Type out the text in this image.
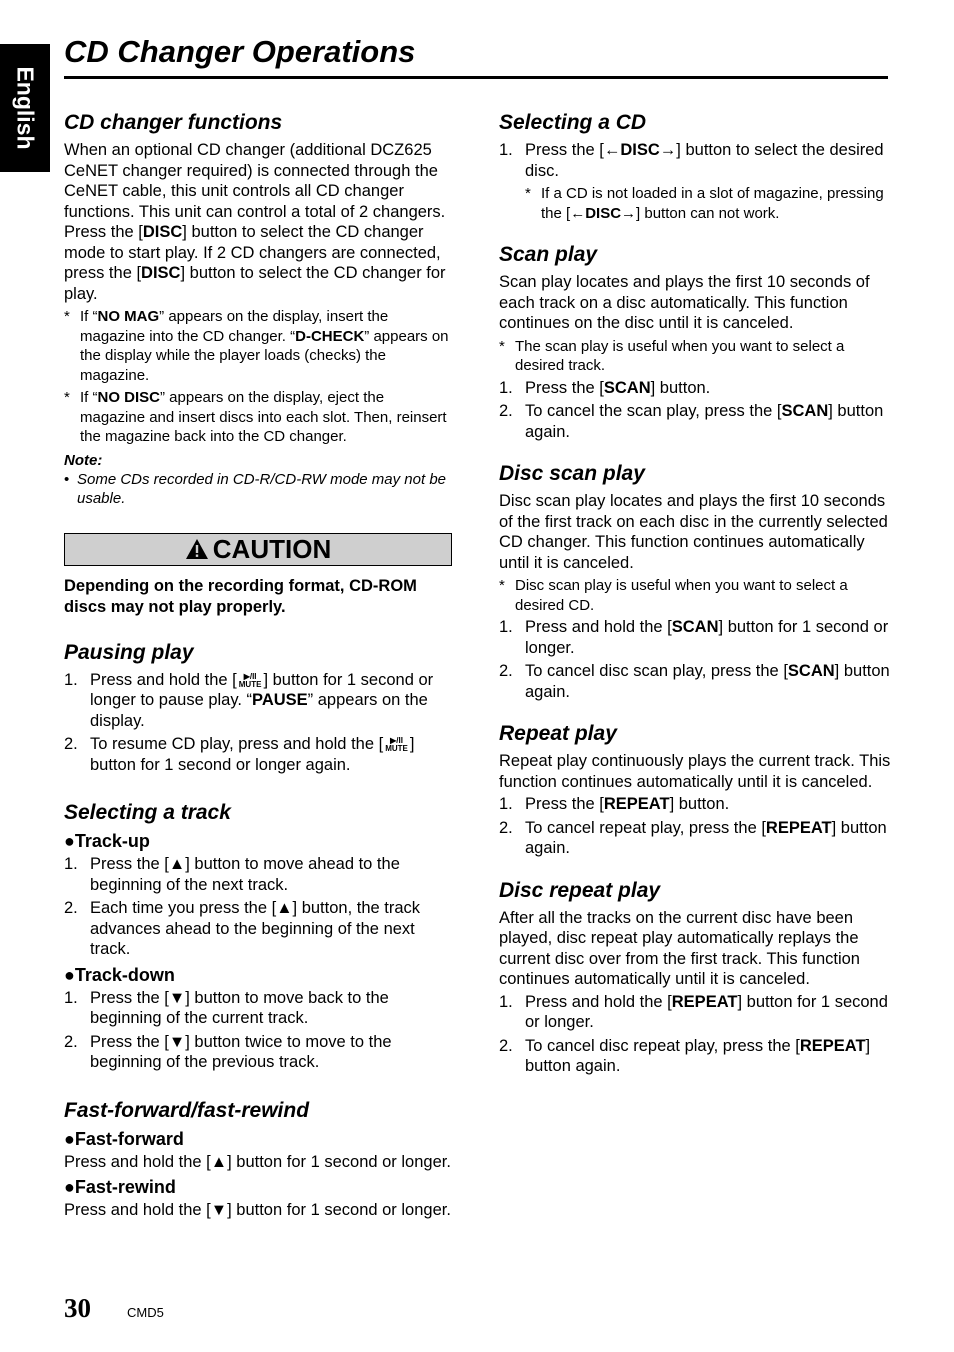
English
CD Changer Operations
CD changer functions

When an optional CD changer (additional DCZ625 CeNET changer required) is connected through the CeNET cable, this unit controls all CD changer functions. This unit can control a total of 2 changers.

Press the [DISC] button to select the CD changer mode to start play. If 2 CD changers are connected, press the [DISC] button to select the CD changer for play.

* If “NO MAG” appears on the display, insert the magazine into the CD changer. “D-CHECK” appears on the display while the player loads (checks) the magazine.
* If “NO DISC” appears on the display, eject the magazine and insert discs into each slot. Then, reinsert the magazine back into the CD changer.
Note:
• Some CDs recorded in CD-R/CD-RW mode may not be usable.
CAUTION
Depending on the recording format, CD-ROM discs may not play properly.
Pausing play
1. Press and hold the [ ▶/II
MUTE ] button for 1 second or longer to pause play. “PAUSE” appears on the display.
2. To resume CD play, press and hold the [ ▶/II
MUTE ] button for 1 second or longer again.
Selecting a track
●Track-up
1. Press the [▲] button to move ahead to the beginning of the next track.
2. Each time you press the [▲] button, the track advances ahead to the beginning of the next track.
●Track-down
1. Press the [▼] button to move back to the beginning of the current track.
2. Press the [▼] button twice to move to the beginning of the previous track.
Fast-forward/fast-rewind
●Fast-forward

Press and hold the [▲] button for 1 second or longer.

●Fast-rewind

Press and hold the [▼] button for 1 second or longer.

Selecting a CD
1. Press the [←DISC→] button to select the desired disc.
* If a CD is not loaded in a slot of magazine, pressing the [←DISC→] button can not work.
Scan play

Scan play locates and plays the first 10 seconds of each track on a disc automatically. This function continues on the disc until it is canceled.

* The scan play is useful when you want to select a desired track.
1. Press the [SCAN] button.
2. To cancel the scan play, press the [SCAN] button again.
Disc scan play

Disc scan play locates and plays the first 10 seconds of the first track on each disc in the currently selected CD changer. This function continues automatically until it is canceled.

* Disc scan play is useful when you want to select a desired CD.
1. Press and hold the [SCAN] button for 1 second or longer.
2. To cancel disc scan play, press the [SCAN] button again.
Repeat play

Repeat play continuously plays the current track. This function continues automatically until it is canceled.

1. Press the [REPEAT] button.
2. To cancel repeat play, press the [REPEAT] button again.
Disc repeat play

After all the tracks on the current disc have been played, disc repeat play automatically replays the current disc over from the first track. This function continues automatically until it is canceled.

1. Press and hold the [REPEAT] button for 1 second or longer.
2. To cancel disc repeat play, press the [REPEAT] button again.
30	CMD5
